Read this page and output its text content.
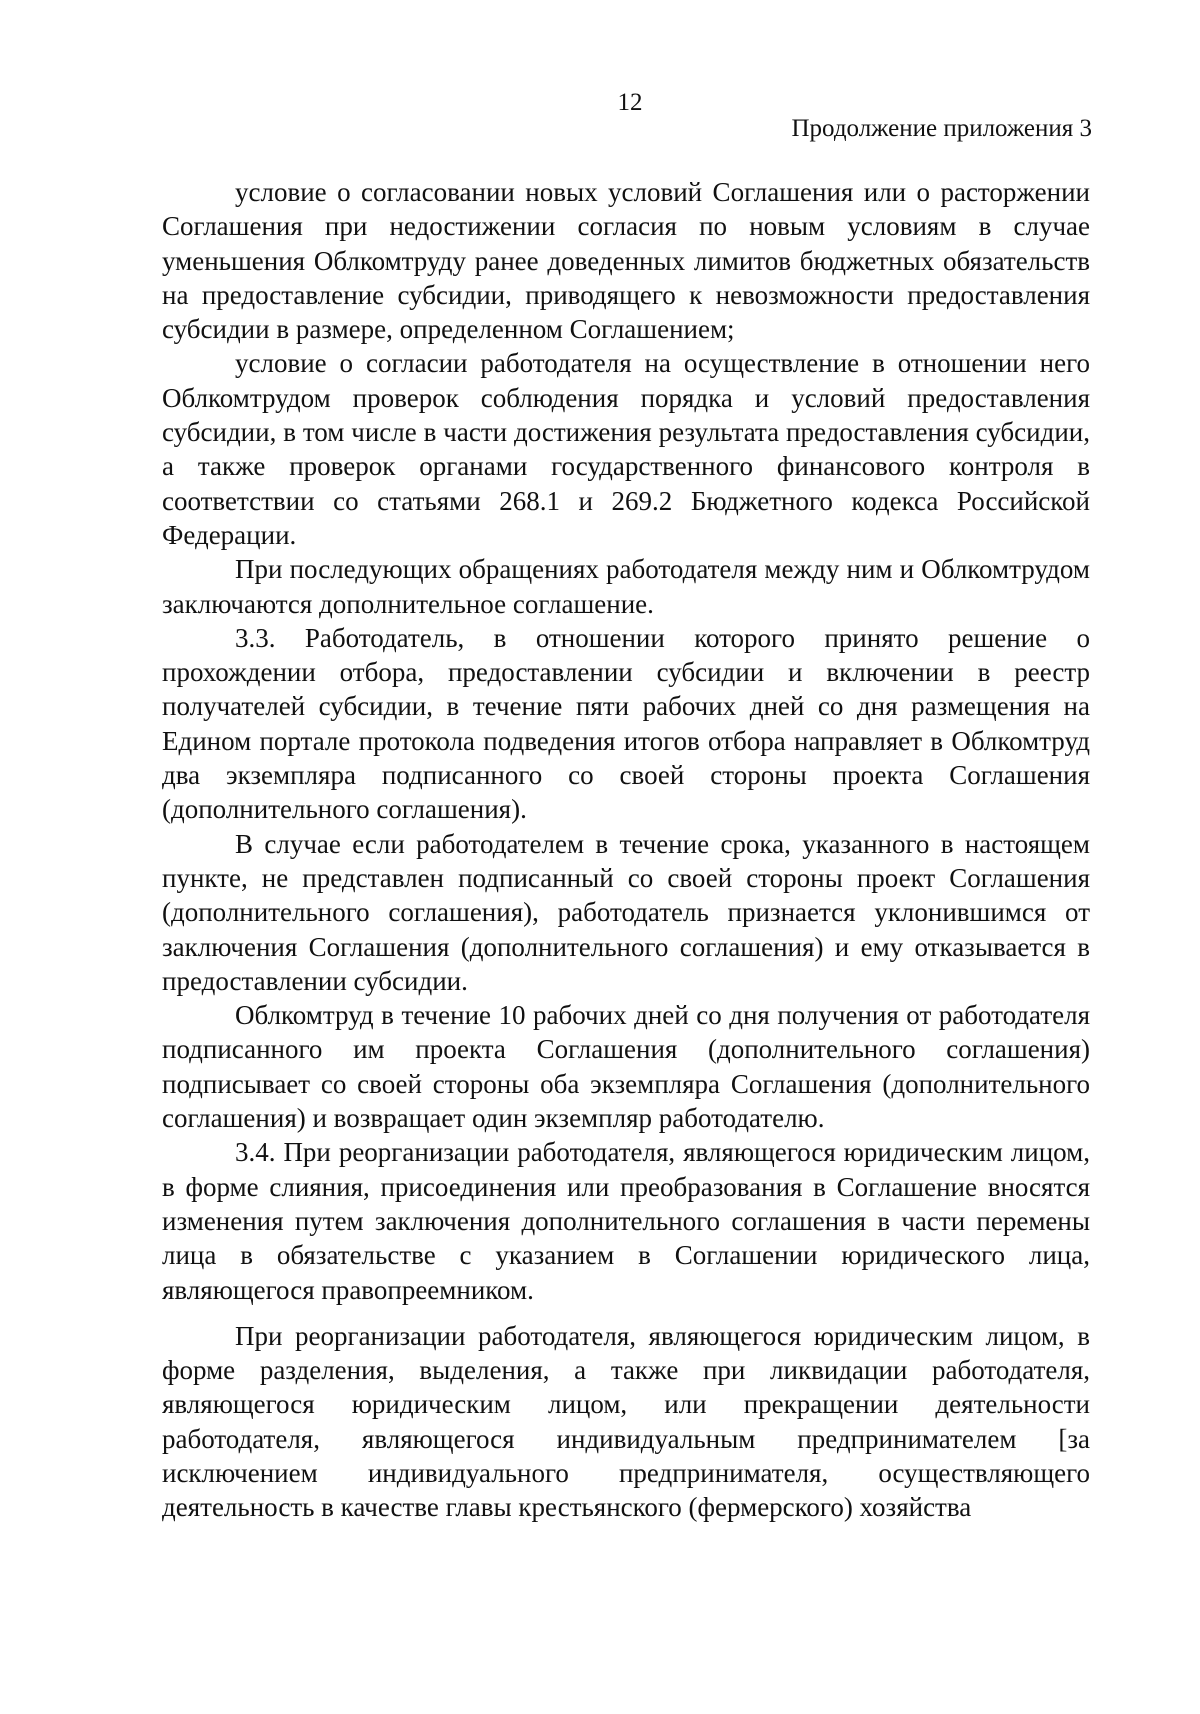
12
Продолжение приложения 3

условие о согласовании новых условий Соглашения или о расторжении Соглашения при недостижении согласия по новым условиям в случае уменьшения Облкомтруду ранее доведенных лимитов бюджетных обязательств на предоставление субсидии, приводящего к невозможности предоставления субсидии в размере, определенном Соглашением;

условие о согласии работодателя на осуществление в отношении него Облкомтрудом проверок соблюдения порядка и условий предоставления субсидии, в том числе в части достижения результата предоставления субсидии, а также проверок органами государственного финансового контроля в соответствии со статьями 268.1 и 269.2 Бюджетного кодекса Российской Федерации.

При последующих обращениях работодателя между ним и Облкомтрудом заключаются дополнительное соглашение.

3.3. Работодатель, в отношении которого принято решение о прохождении отбора, предоставлении субсидии и включении в реестр получателей субсидии, в течение пяти рабочих дней со дня размещения на Едином портале протокола подведения итогов отбора направляет в Облкомтруд два экземпляра подписанного со своей стороны проекта Соглашения (дополнительного соглашения).

В случае если работодателем в течение срока, указанного в настоящем пункте, не представлен подписанный со своей стороны проект Соглашения (дополнительного соглашения), работодатель признается уклонившимся от заключения Соглашения (дополнительного соглашения) и ему отказывается в предоставлении субсидии.

Облкомтруд в течение 10 рабочих дней со дня получения от работодателя подписанного им проекта Соглашения (дополнительного соглашения) подписывает со своей стороны оба экземпляра Соглашения (дополнительного соглашения) и возвращает один экземпляр работодателю.

3.4. При реорганизации работодателя, являющегося юридическим лицом, в форме слияния, присоединения или преобразования в Соглашение вносятся изменения путем заключения дополнительного соглашения в части перемены лица в обязательстве с указанием в Соглашении юридического лица, являющегося правопреемником.

При реорганизации работодателя, являющегося юридическим лицом, в форме разделения, выделения, а также при ликвидации работодателя, являющегося юридическим лицом, или прекращении деятельности работодателя, являющегося индивидуальным предпринимателем [за исключением индивидуального предпринимателя, осуществляющего деятельность в качестве главы крестьянского (фермерского) хозяйства
